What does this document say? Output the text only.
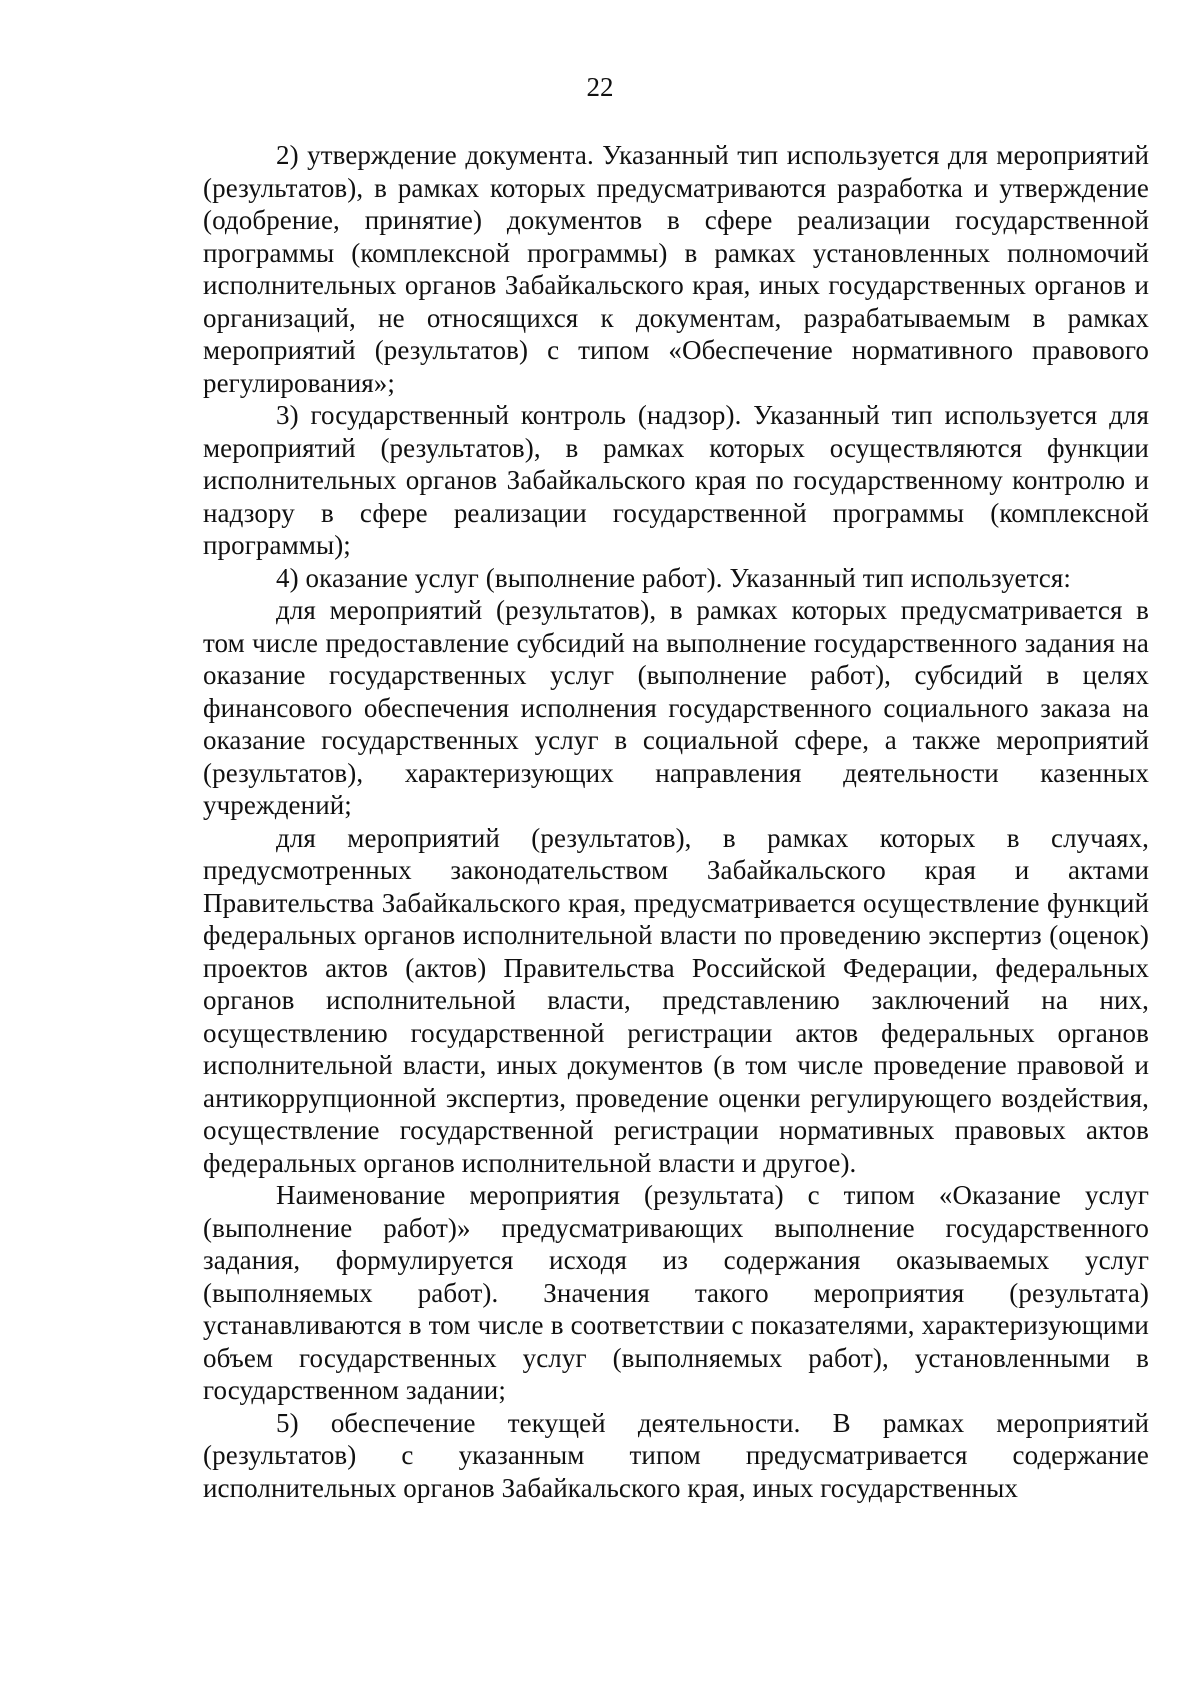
22

2) утверждение документа. Указанный тип используется для мероприятий (результатов), в рамках которых предусматриваются разработка и утверждение (одобрение, принятие) документов в сфере реализации государственной программы (комплексной программы) в рамках установленных полномочий исполнительных органов Забайкальского края, иных государственных органов и организаций, не относящихся к документам, разрабатываемым в рамках мероприятий (результатов) с типом «Обеспечение нормативного правового регулирования»;

3) государственный контроль (надзор). Указанный тип используется для мероприятий (результатов), в рамках которых осуществляются функции исполнительных органов Забайкальского края по государственному контролю и надзору в сфере реализации государственной программы (комплексной программы);

4) оказание услуг (выполнение работ). Указанный тип используется:

для мероприятий (результатов), в рамках которых предусматривается в том числе предоставление субсидий на выполнение государственного задания на оказание государственных услуг (выполнение работ), субсидий в целях финансового обеспечения исполнения государственного социального заказа на оказание государственных услуг в социальной сфере, а также мероприятий (результатов), характеризующих направления деятельности казенных учреждений;

для мероприятий (результатов), в рамках которых в случаях, предусмотренных законодательством Забайкальского края и актами Правительства Забайкальского края, предусматривается осуществление функций федеральных органов исполнительной власти по проведению экспертиз (оценок) проектов актов (актов) Правительства Российской Федерации, федеральных органов исполнительной власти, представлению заключений на них, осуществлению государственной регистрации актов федеральных органов исполнительной власти, иных документов (в том числе проведение правовой и антикоррупционной экспертиз, проведение оценки регулирующего воздействия, осуществление государственной регистрации нормативных правовых актов федеральных органов исполнительной власти и другое).

Наименование мероприятия (результата) с типом «Оказание услуг (выполнение работ)» предусматривающих выполнение государственного задания, формулируется исходя из содержания оказываемых услуг (выполняемых работ). Значения такого мероприятия (результата) устанавливаются в том числе в соответствии с показателями, характеризующими объем государственных услуг (выполняемых работ), установленными в государственном задании;

5) обеспечение текущей деятельности. В рамках мероприятий (результатов) с указанным типом предусматривается содержание исполнительных органов Забайкальского края, иных государственных
